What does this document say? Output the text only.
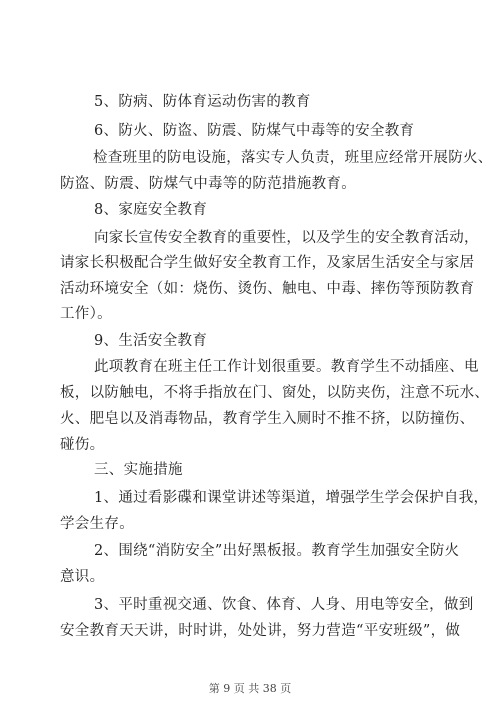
5、防病、防体育运动伤害的教育
6、防火、防盗、防震、防煤气中毒等的安全教育
检查班里的防电设施，落实专人负责，班里应经常开展防火、
防盗、防震、防煤气中毒等的防范措施教育。
8、家庭安全教育
向家长宣传安全教育的重要性，以及学生的安全教育活动，
请家长积极配合学生做好安全教育工作，及家居生活安全与家居
活动环境安全（如：烧伤、烫伤、触电、中毒、摔伤等预防教育
工作）。
9、生活安全教育
此项教育在班主任工作计划很重要。教育学生不动插座、电
板，以防触电，不将手指放在门、窗处，以防夹伤，注意不玩水、
火、肥皂以及消毒物品，教育学生入厕时不推不挤，以防撞伤、
碰伤。
三、实施措施
1、通过看影碟和课堂讲述等渠道，增强学生学会保护自我，
学会生存。
2、围绕“消防安全”出好黑板报。教育学生加强安全防火
意识。
3、平时重视交通、饮食、体育、人身、用电等安全，做到
安全教育天天讲，时时讲，处处讲，努力营造“平安班级”，做
第 9 页 共 38 页
